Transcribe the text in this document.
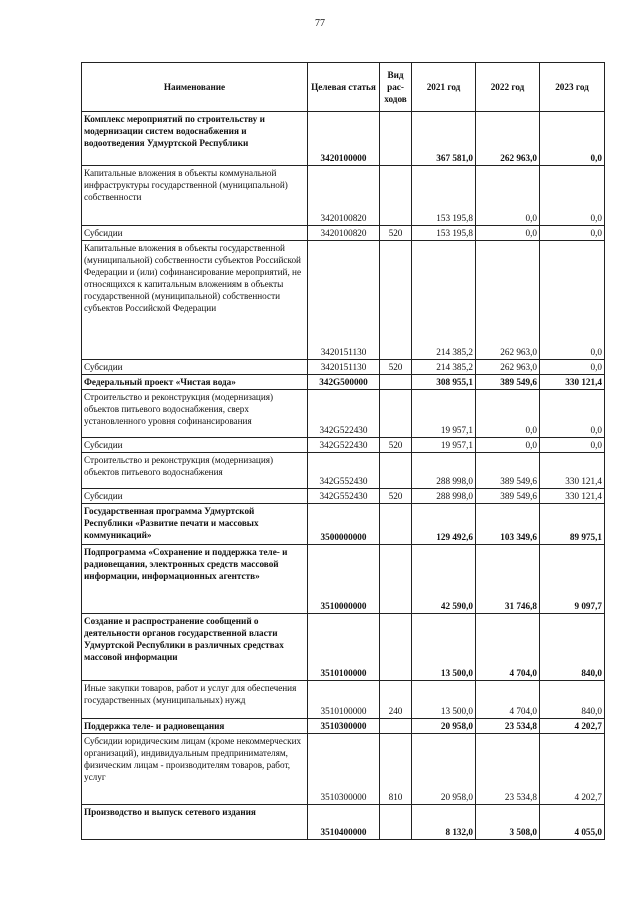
77
Наименование	Целевая статья	Вид рас-ходов	2021 год	2022 год	2023 год
Комплекс мероприятий по строительству и модернизации систем водоснабжения и водоотведения Удмуртской Республики	3420100000		367 581,0	262 963,0	0,0
Капитальные вложения в объекты коммунальной инфраструктуры государственной (муниципальной) собственности	3420100820		153 195,8	0,0	0,0
Субсидии	3420100820	520	153 195,8	0,0	0,0
Капитальные вложения в объекты государственной (муниципальной) собственности субъектов Российской Федерации и (или) софинансирование мероприятий, не относящихся к капитальным вложениям в объекты государственной (муниципальной) собственности субъектов Российской Федерации	3420151130		214 385,2	262 963,0	0,0
Субсидии	3420151130	520	214 385,2	262 963,0	0,0
Федеральный проект «Чистая вода»	342G500000		308 955,1	389 549,6	330 121,4
Строительство и реконструкция (модернизация) объектов питьевого водоснабжения, сверх установленного уровня софинансирования	342G522430		19 957,1	0,0	0,0
Субсидии	342G522430	520	19 957,1	0,0	0,0
Строительство и реконструкция (модернизация) объектов питьевого водоснабжения	342G552430		288 998,0	389 549,6	330 121,4
Субсидии	342G552430	520	288 998,0	389 549,6	330 121,4
Государственная программа Удмуртской Республики «Развитие печати и массовых коммуникаций»	3500000000		129 492,6	103 349,6	89 975,1
Подпрограмма «Сохранение и поддержка теле- и радиовещания, электронных средств массовой информации, информационных агентств»	3510000000		42 590,0	31 746,8	9 097,7
Создание и распространение сообщений о деятельности органов государственной власти Удмуртской Республики в различных средствах массовой информации	3510100000		13 500,0	4 704,0	840,0
Иные закупки товаров, работ и услуг для обеспечения государственных (муниципальных) нужд	3510100000	240	13 500,0	4 704,0	840,0
Поддержка теле- и радиовещания	3510300000		20 958,0	23 534,8	4 202,7
Субсидии юридическим лицам (кроме некоммерческих организаций), индивидуальным предпринимателям, физическим лицам - производителям товаров, работ, услуг	3510300000	810	20 958,0	23 534,8	4 202,7
Производство и выпуск сетевого издания	3510400000		8 132,0	3 508,0	4 055,0
